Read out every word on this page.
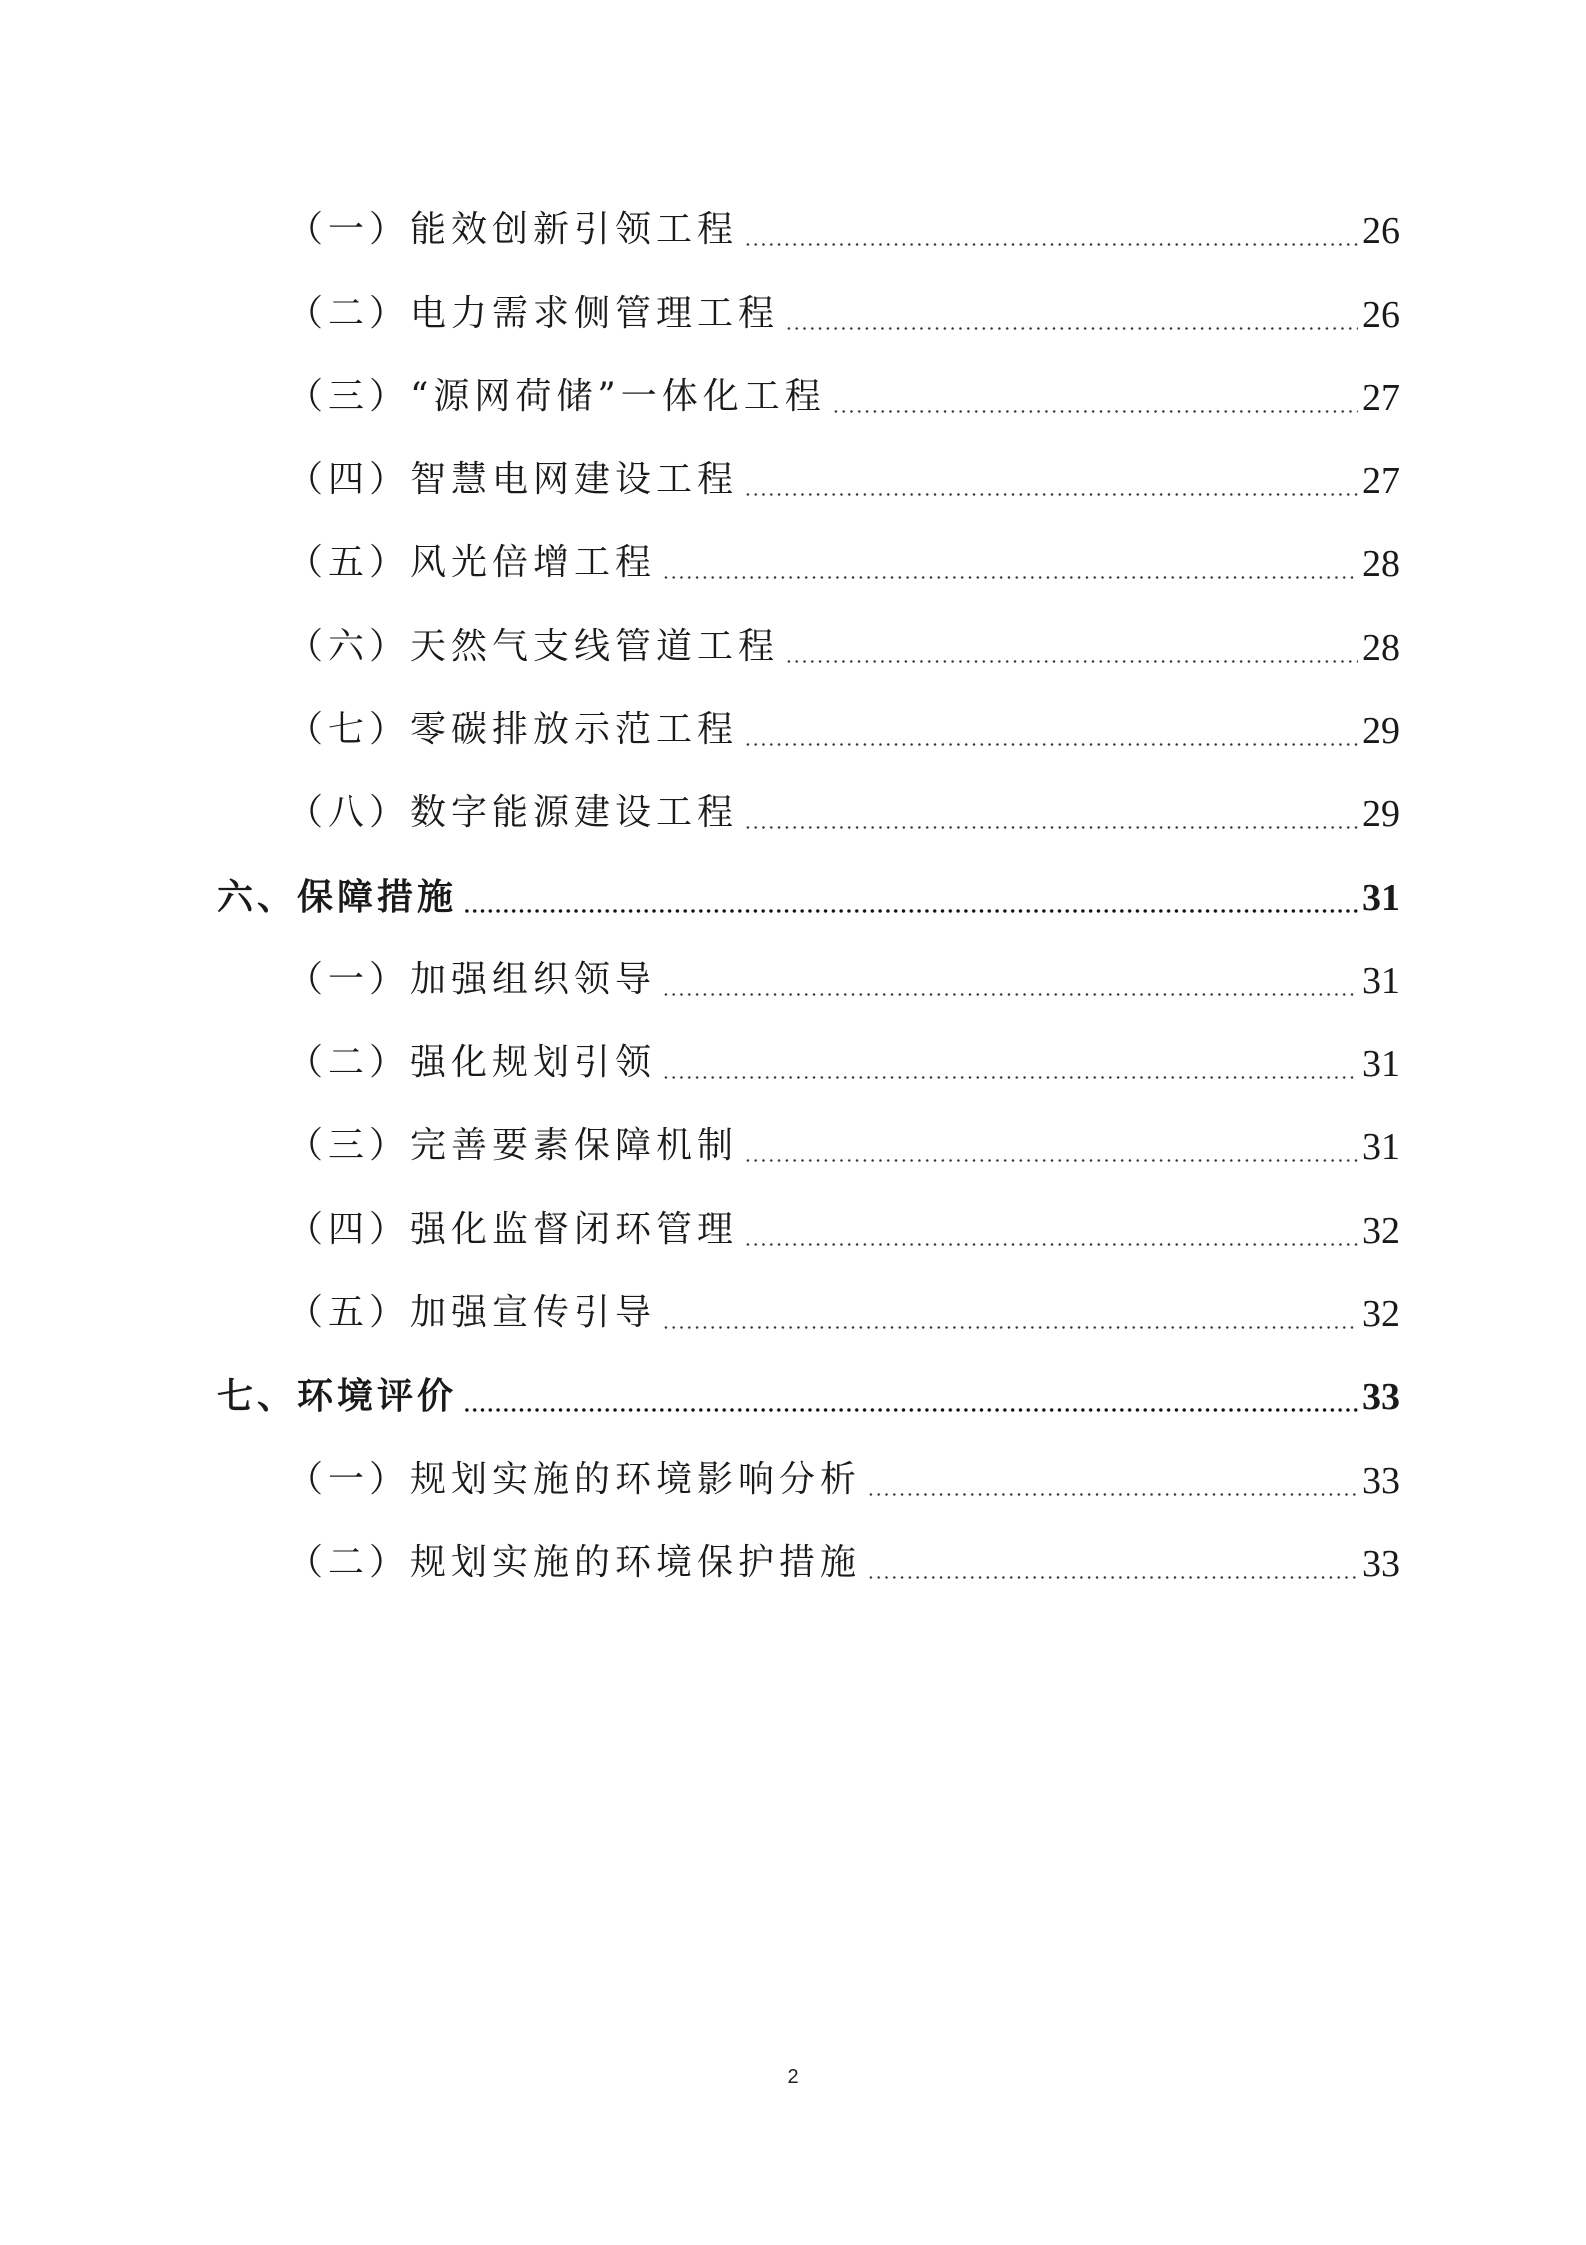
（一）能效创新引领工程	26
（二）电力需求侧管理工程	26
（三）“源网荷储”一体化工程	27
（四）智慧电网建设工程	27
（五）风光倍增工程	28
（六）天然气支线管道工程	28
（七）零碳排放示范工程	29
（八）数字能源建设工程	29
六、保障措施	31
（一）加强组织领导	31
（二）强化规划引领	31
（三）完善要素保障机制	31
（四）强化监督闭环管理	32
（五）加强宣传引导	32
七、环境评价	33
（一）规划实施的环境影响分析	33
（二）规划实施的环境保护措施	33
2
